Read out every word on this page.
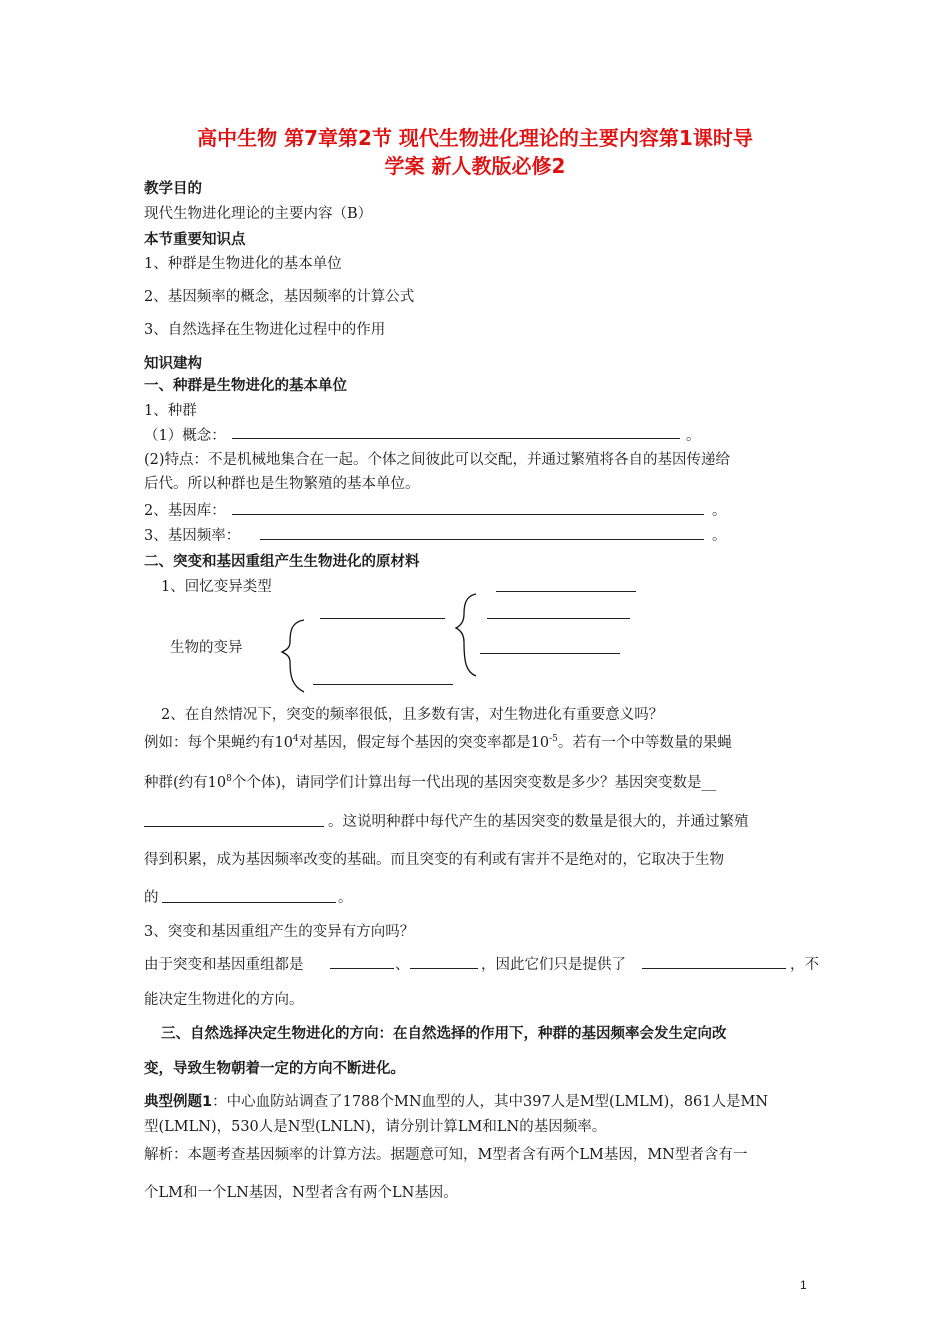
高中生物 第7章第2节 现代生物进化理论的主要内容第1课时导
学案 新人教版必修2
教学目的
现代生物进化理论的主要内容（B）
本节重要知识点
1、种群是生物进化的基本单位
2、基因频率的概念，基因频率的计算公式
3、自然选择在生物进化过程中的作用
知识建构
一、种群是生物进化的基本单位
1、种群
（1）概念：	。
(2)特点：不是机械地集合在一起。个体之间彼此可以交配，并通过繁殖将各自的基因传递给
后代。所以种群也是生物繁殖的基本单位。
2、基因库：	。
3、基因频率：	。
二、突变和基因重组产生生物进化的原材料
1、回忆变异类型
生物的变异
2、在自然情况下，突变的频率很低，且多数有害，对生物进化有重要意义吗？
例如：每个果蝇约有$10^4$对基因，假定每个基因的突变率都是$10^{-5}$。若有一个中等数量的果蝇
种群(约有$10^8$个个体)，请同学们计算出每一代出现的基因突变数是多少？基因突变数是__
。这说明种群中每代产生的基因突变的数量是很大的，并通过繁殖
得到积累，成为基因频率改变的基础。而且突变的有利或有害并不是绝对的，它取决于生物
的	。
3、突变和基因重组产生的变异有方向吗？
由于突变和基因重组都是	、	，因此它们只是提供了	，不
能决定生物进化的方向。
三、自然选择决定生物进化的方向：在自然选择的作用下，种群的基因频率会发生定向改
变，导致生物朝着一定的方向不断进化。
典型例题1：中心血防站调查了1788个MN血型的人，其中397人是M型(LMLM)，861人是MN
型(LMLN)，530人是N型(LNLN)，请分别计算LM和LN的基因频率。
解析：本题考查基因频率的计算方法。据题意可知，M型者含有两个LM基因，MN型者含有一
个LM和一个LN基因，N型者含有两个LN基因。
1
